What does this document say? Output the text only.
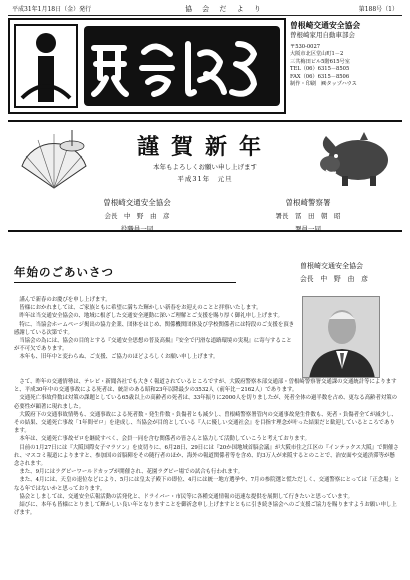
平成31年1月18日（金）発行	協 会 だ よ り	第188号（1）
曽根崎交通安全協会
曽根崎家用自動車部会
〒530-0027
大阪市北区堂山町1－2
三共梅田ビル5階615号室
TEL（06）6315－8505
FAX（06）6315－8506
制作・印刷　㈱タップハウス
謹賀新年
本年もよろしくお願い申し上げます
平成31年　元旦
曽根崎交通安全協会
会長　中　野　由　彦
役職員一同
曽根崎警察署
署長　冨　田　朝　昭
署員一同
年始のごあいさつ	曽根崎交通安全協会
会長　中　野　由　彦

謹んで新春のお慶びを申し上げます。

皆様におかれましては、ご家族ともに希望に満ちた輝かしい新春をお迎えのことと拝察いたします。

昨年は当交通安全協会の、地域に根ざした交通安全運動に深いご理解とご支援を賜り厚く御礼申し上げます。

特に、当協会ホームページ掲出の協力企業、団体をはじめ、関係機関団体及び学校関係者には特段のご支援を頂き感謝している次第です。

当協会の為には、協会の目的とする『交通安全思想の普及高揚』『安全で円滑な道路環境の実現』に寄与することが不可欠であります。

本年も、旧年中と変わらぬ、ご支援、ご協力のほどよろしくお願い申し上げます。

さて、昨年の交通情勢は、テレビ・新聞各社でも大きく報道されているところですが、大阪府警察本部交通部・曽根崎警察署交通課の交通統計等によりますと、平成30年中の交通事故による死者は、統計のある昭和23年以降最少の3532人（前年比－2162人）であります。

交通死亡事故件数は対策の課題としている65歳以上の高齢者の死者は、33年振りに2000人を切りましたが、死者全体の過半数を占め、更なる高齢者対策の必要性が顕著に現れました。

大阪府下の交通事故情勢も、交通事故による死者数・発生件数・負傷者とも減少し、曽根崎警察署管内の交通事故発生件数も、死者・負傷者全てが減少し、その結果、交通死亡事故「1年間ゼロ」を達成し、当協会が目的としている『人に優しい交通社会』を目指す理念が叶った結果だと歓迎しているところであります。

本年は、交通死亡事故ゼロを継続すべく、会員一同を含む関係者の皆さんと協力して活動していこうと考えております。

目前の1月27日には『大阪国際女子マラソン』を皮切りに、6月28日、29日には『20か国地域首脳会議』が大阪市住之江区の『インテックス大阪』で開催され、マスコミ報道によりますと、参加国の首脳陣をその随行者のほか、海外の報道関係者等を含め、約3万人が来阪するとのことで、治安面や交通渋滞等が懸念されます。

また、9月にはラグビーワールドカップが開催され、花園ラグビー場での試合も行われます。

また、4月には、天皇の退位などにより、5月には皇太子殿下の即位、4月には統一地方選挙や、7月の参院選と慌ただしく、交通警察にとっては「正念場」となる年ではないかと思っております。

協会としましては、交通安全広報活動の活発化と、ドライバー・市民等に各種交通情報の迅速な提供を展開して行きたいと思っています。

結びに、本年も皆様にとりまして輝かしい良い年となりますことを御祈念申し上げますとともに引き続き協会へのご支援ご協力を賜りますようお願い申し上げます。
